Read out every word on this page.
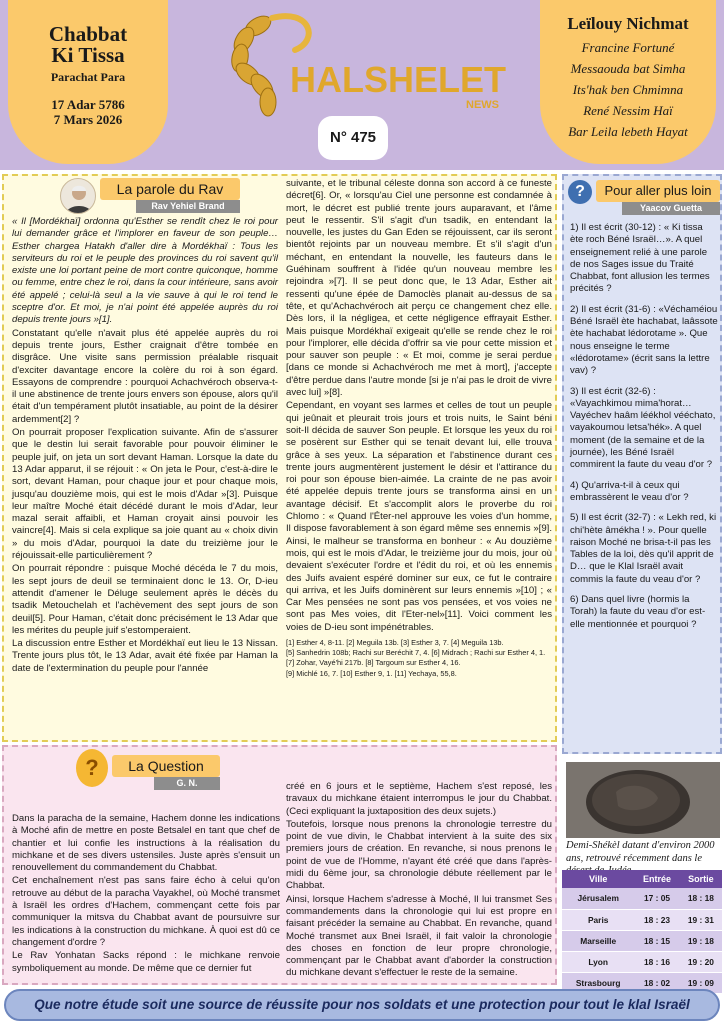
Chabbat
Ki Tissa
Parachat Para
17 Adar 5786
7 Mars 2026
HALSHELET
NEWS
N° 475
Leïlouy Nichmat
Francine Fortuné
Messaouda bat Simha
Its'hak ben Chmimna
René Nessim Haï
Bar Leila lebeth Hayat
La parole du Rav
Rav Yehiel Brand

« Il [Mordékhaï] ordonna qu'Esther se rendît chez le roi pour lui demander grâce et l'implorer en faveur de son peuple… Esther chargea Hatakh d'aller dire à Mordékhaï : Tous les serviteurs du roi et le peuple des provinces du roi savent qu'il existe une loi portant peine de mort contre quiconque, homme ou femme, entre chez le roi, dans la cour intérieure, sans avoir été appelé ; celui-là seul a la vie sauve à qui le roi tend le sceptre d'or. Et moi, je n'ai point été appelée auprès du roi depuis trente jours »[1].

Constatant qu'elle n'avait plus été appelée auprès du roi depuis trente jours, Esther craignait d'être tombée en disgrâce. Une visite sans permission préalable risquait d'exciter davantage encore la colère du roi à son égard. Essayons de comprendre : pourquoi Achachvéroch observa-t-il une abstinence de trente jours envers son épouse, alors qu'il était d'un tempérament plutôt insatiable, au point de la désirer ardemment[2] ?

On pourrait proposer l'explication suivante. Afin de s'assurer que le destin lui serait favorable pour pouvoir éliminer le peuple juif, on jeta un sort devant Haman. Lorsque la date du 13 Adar apparut, il se réjouit : « On jeta le Pour, c'est-à-dire le sort, devant Haman, pour chaque jour et pour chaque mois, jusqu'au douzième mois, qui est le mois d'Adar »[3]. Puisque leur maître Moché était décédé durant le mois d'Adar, leur mazal serait affaibli, et Haman croyait ainsi pouvoir les vaincre[4]. Mais si cela explique sa joie quant au « choix divin » du mois d'Adar, pourquoi la date du treizième jour le réjouissait-elle particulièrement ?

On pourrait répondre : puisque Moché décéda le 7 du mois, les sept jours de deuil se terminaient donc le 13. Or, D-ieu attendit d'amener le Déluge seulement après le décès du tsadik Metouchelah et l'achèvement des sept jours de son deuil[5]. Pour Haman, c'était donc précisément le 13 Adar que les mérites du peuple juif s'estomperaient.

La discussion entre Esther et Mordékhaï eut lieu le 13 Nissan. Trente jours plus tôt, le 13 Adar, avait été fixée par Haman la date de l'extermination du peuple pour l'année

suivante, et le tribunal céleste donna son accord à ce funeste décret[6]. Or, « lorsqu'au Ciel une personne est condamnée à mort, le décret est publié trente jours auparavant, et l'âme peut le ressentir. S'il s'agit d'un tsadik, en entendant la nouvelle, les justes du Gan Eden se réjouissent, car ils seront bientôt rejoints par un nouveau membre. Et s'il s'agit d'un méchant, en entendant la nouvelle, les fauteurs dans le Guéhinam souffrent à l'idée qu'un nouveau membre les rejoindra »[7]. Il se peut donc que, le 13 Adar, Esther ait ressenti qu'une épée de Damoclès planait au-dessus de sa tête, et qu'Achachvéroch ait perçu ce changement chez elle. Dès lors, il la négligea, et cette négligence effrayait Esther. Mais puisque Mordékhaï exigeait qu'elle se rende chez le roi pour l'implorer, elle décida d'offrir sa vie pour cette mission et pour sauver son peuple : « Et moi, comme je serai perdue [dans ce monde si Achachvéroch me met à mort], j'accepte d'être perdue dans l'autre monde [si je n'ai pas le droit de vivre avec lui] »[8].

Cependant, en voyant ses larmes et celles de tout un peuple qui jeûnait et pleurait trois jours et trois nuits, le Saint béni soit-Il décida de sauver Son peuple. Et lorsque les yeux du roi se posèrent sur Esther qui se tenait devant lui, elle trouva grâce à ses yeux. La séparation et l'abstinence durant ces trente jours augmentèrent justement le désir et l'attirance du roi pour son épouse bien-aimée. La crainte de ne pas avoir été appelée depuis trente jours se transforma ainsi en un avantage décisif. Et s'accomplit alors le proverbe du roi Chlomo : « Quand l'Éter-nel approuve les voies d'un homme, Il dispose favorablement à son égard même ses ennemis »[9]. Ainsi, le malheur se transforma en bonheur : « Au douzième mois, qui est le mois d'Adar, le treizième jour du mois, jour où devaient s'exécuter l'ordre et l'édit du roi, et où les ennemis des Juifs avaient espéré dominer sur eux, ce fut le contraire qui arriva, et les Juifs dominèrent sur leurs ennemis »[10] ; « Car Mes pensées ne sont pas vos pensées, et vos voies ne sont pas Mes voies, dit l'Eter-nel»[11]. Voici comment les voies de D-ieu sont impénétrables.

[1] Esther 4, 8-11. [2] Meguila 13b. [3] Esther 3, 7. [4] Meguila 13b.
[5] Sanhedrin 108b; Rachi sur Beréchit 7, 4. [6] Midrach ; Rachi sur Esther 4, 1. [7] Zohar, Vayé'hi 217b. [8] Targoum sur Esther 4, 16.
[9] Michlé 16, 7. [10] Esther 9, 1. [11] Yechaya, 55,8.
?	Pour aller plus loin
Yaacov Guetta

1) Il est écrit (30-12) : « Ki tissa ète roch Béné Israël…». A quel enseignement relié à une parole de nos Sages issue du Traité Chabbat, font allusion les termes précités ?

2) Il est écrit (31-6) : «Véchaméiou Béné Israël ète hachabat, laâssote ète hachabat lédorotame ». Que nous enseigne le terme «lédorotame» (écrit sans la lettre vav) ?

3) Il est écrit (32-6) : «Vayachkimou mima'horat… Vayéchev haâm léékhol vééchato, vayakoumou letsa'hék». A quel moment (de la semaine et de la journée), les Béné Israël commirent la faute du veau d'or ?

4) Qu'arriva-t-il à ceux qui embrassèrent le veau d'or ?

5) Il est écrit (32-7) : « Lekh red, ki chi'hète âmékha ! ». Pour quelle raison Moché ne brisa-t-il pas les Tables de la loi, dès qu'il apprit de D… que le Klal Israël avait commis la faute du veau d'or ?

6) Dans quel livre (hormis la Torah) la faute du veau d'or est-elle mentionnée et pourquoi ?

?	La Question
G. N.

Dans la paracha de la semaine, Hachem donne les indications à Moché afin de mettre en poste Betsalel en tant que chef de chantier et lui confie les instructions à la réalisation du michkane et de ses divers ustensiles. Juste après s'ensuit un renouvellement du commandement du Chabbat.

Cet enchaînement n'est pas sans faire écho à celui qu'on retrouve au début de la paracha Vayakhel, où Moché transmet à Israël les ordres d'Hachem, commençant cette fois par communiquer la mitsva du Chabbat avant de poursuivre sur les indications à la construction du michkane. À quoi est dû ce changement d'ordre ?

Le Rav Yonhatan Sacks répond : le michkane renvoie symboliquement au monde. De même que ce dernier fut

créé en 6 jours et le septième, Hachem s'est reposé, les travaux du michkane étaient interrompus le jour du Chabbat. (Ceci expliquant la juxtaposition des deux sujets.)

Toutefois, lorsque nous prenons la chronologie terrestre du point de vue divin, le Chabbat intervient à la suite des six premiers jours de création. En revanche, si nous prenons le point de vue de l'Homme, n'ayant été créé que dans l'après-midi du 6ème jour, sa chronologie débute réellement par le Chabbat.

Ainsi, lorsque Hachem s'adresse à Moché, Il lui transmet Ses commandements dans la chronologie qui lui est propre en faisant précéder la semaine au Chabbat. En revanche, quand Moché transmet aux Bnei Israël, il fait valoir la chronologie des choses en fonction de leur propre chronologie, commençant par le Chabbat avant d'aborder la construction du michkane devant s'effectuer le reste de la semaine.

Demi-Shékèl datant d'environ 2000 ans, retrouvé récemment dans le
Ville	Entrée	Sortie
Jérusalem	17 : 05	18 : 18
Paris	18 : 23	19 : 31
Marseille	18 : 15	19 : 18
Lyon	18 : 16	19 : 20
Strasbourg	18 : 02	19 : 09
Que notre étude soit une source de réussite pour nos soldats et une protection pour tout le klal Israël
